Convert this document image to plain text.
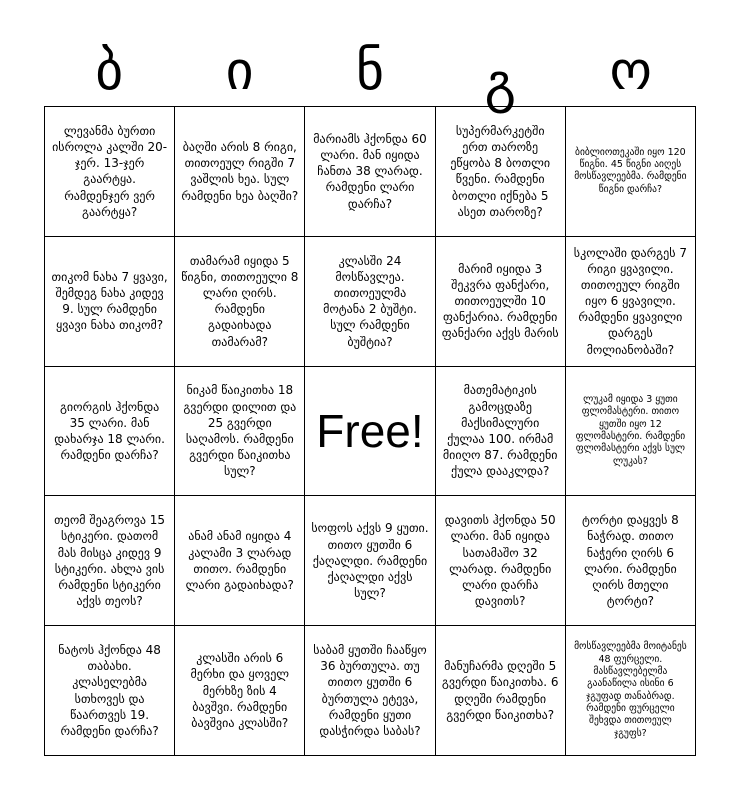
ბ	ი	ნ	გ	ო
ლევანმა ბურთი ისროლა კალში 20-ჯერ. 13-ჯერ გაარტყა. რამდენჯერ ვერ გაარტყა?
ბაღში არის 8 რიგი, თითოეულ რიგში 7 ვაშლის ხეა. სულ რამდენი ხეა ბაღში?
მარიამს ჰქონდა 60 ლარი. მან იყიდა ჩანთა 38 ლარად. რამდენი ლარი დარჩა?
სუპერმარკეტში ერთ თაროზე ეწყობა 8 ბოთლი წვენი. რამდენი ბოთლი იქნება 5 ასეთ თაროზე?
ბიბლიოთეკაში იყო 120 წიგნი. 45 წიგნი აიღეს მოსწავლეებმა. რამდენი წიგნი დარჩა?
თიკომ ნახა 7 ყვავი, შემდეგ ნახა კიდევ 9. სულ რამდენი ყვავი ნახა თიკომ?
თამარამ იყიდა 5 წიგნი, თითოეული 8 ლარი ღირს. რამდენი გადაიხადა თამარამ?
კლასში 24 მოსწავლეა. თითოეულმა მოტანა 2 ბუშტი. სულ რამდენი ბუშტია?
მარიმ იყიდა 3 შეკვრა ფანქარი, თითოეულში 10 ფანქარია. რამდენი ფანქარი აქვს მარის
სკოლაში დარგეს 7 რიგი ყვავილი. თითოეულ რიგში იყო 6 ყვავილი. რამდენი ყვავილი დარგეს მოლიანობაში?
გიორგის ჰქონდა 35 ლარი. მან დახარჯა 18 ლარი. რამდენი დარჩა?
ნიკამ წაიკითხა 18 გვერდი დილით და 25 გვერდი საღამოს. რამდენი გვერდი წაიკითხა სულ?
Free!
მათემატიკის გამოცდაზე მაქსიმალური ქულაა 100. ირმამ მიიღო 87. რამდენი ქულა დააკლდა?
ლუკამ იყიდა 3 ყუთი ფლომასტერი. თითო ყუთში იყო 12 ფლომასტერი. რამდენი ფლომასტერი აქვს სულ ლუკას?
თეომ შეაგროვა 15 სტიკერი. დათომ მას მისცა კიდევ 9 სტიკერი. ახლა ვის რამდენი სტიკერი აქვს თეოს?
ანამ ანამ იყიდა 4 კალამი 3 ლარად თითო. რამდენი ლარი გადაიხადა?
სოფოს აქვს 9 ყუთი. თითო ყუთში 6 ქაღალდი. რამდენი ქაღალდი აქვს სულ?
დავითს ჰქონდა 50 ლარი. მან იყიდა სათამაშო 32 ლარად. რამდენი ლარი დარჩა დავითს?
ტორტი დაყვეს 8 ნაჭრად. თითო ნაჭერი ღირს 6 ლარი. რამდენი ღირს მთელი ტორტი?
ნატოს ჰქონდა 48 თაბახი. კლასელებმა სთხოვეს და წაართვეს 19. რამდენი დარჩა?
კლასში არის 6 მერხი და ყოველ მერხზე ზის 4 ბავშვი. რამდენი ბავშვია კლასში?
საბამ ყუთში ჩააწყო 36 ბურთულა. თუ თითო ყუთში 6 ბურთულა ეტევა, რამდენი ყუთი დასჭირდა საბას?
მანუჩარმა დღეში 5 გვერდი წაიკითხა. 6 დღეში რამდენი გვერდი წაიკითხა?
მოსწავლეებმა მოიტანეს 48 ფურცელი. მასწავლებელმა გაანაწილა ისინი 6 ჯგუფად თანაბრად. რამდენი ფურცელი შეხვდა თითოეულ ჯგუფს?
